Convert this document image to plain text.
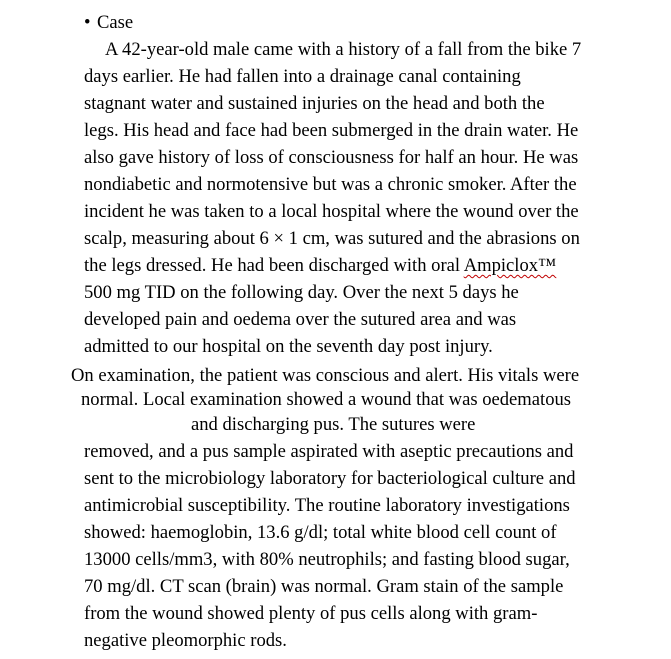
• Case
A 42-year-old male came with a history of a fall from the bike 7
days earlier. He had fallen into a drainage canal containing
stagnant water and sustained injuries on the head and both the
legs. His head and face had been submerged in the drain water. He
also gave history of loss of consciousness for half an hour. He was
nondiabetic and normotensive but was a chronic smoker. After the
incident he was taken to a local hospital where the wound over the
scalp, measuring about 6 × 1 cm, was sutured and the abrasions on
the legs dressed. He had been discharged with oral Ampiclox™
500 mg TID on the following day. Over the next 5 days he
developed pain and oedema over the sutured area and was
admitted to our hospital on the seventh day post injury.
On examination, the patient was conscious and alert. His vitals were
normal. Local examination showed a wound that was oedematous
and discharging pus. The sutures were
removed, and a pus sample aspirated with aseptic precautions and
sent to the microbiology laboratory for bacteriological culture and
antimicrobial susceptibility. The routine laboratory investigations
showed: haemoglobin, 13.6 g/dl; total white blood cell count of
13000 cells/mm3, with 80% neutrophils; and fasting blood sugar,
70 mg/dl. CT scan (brain) was normal. Gram stain of the sample
from the wound showed plenty of pus cells along with gram-
negative pleomorphic rods.
